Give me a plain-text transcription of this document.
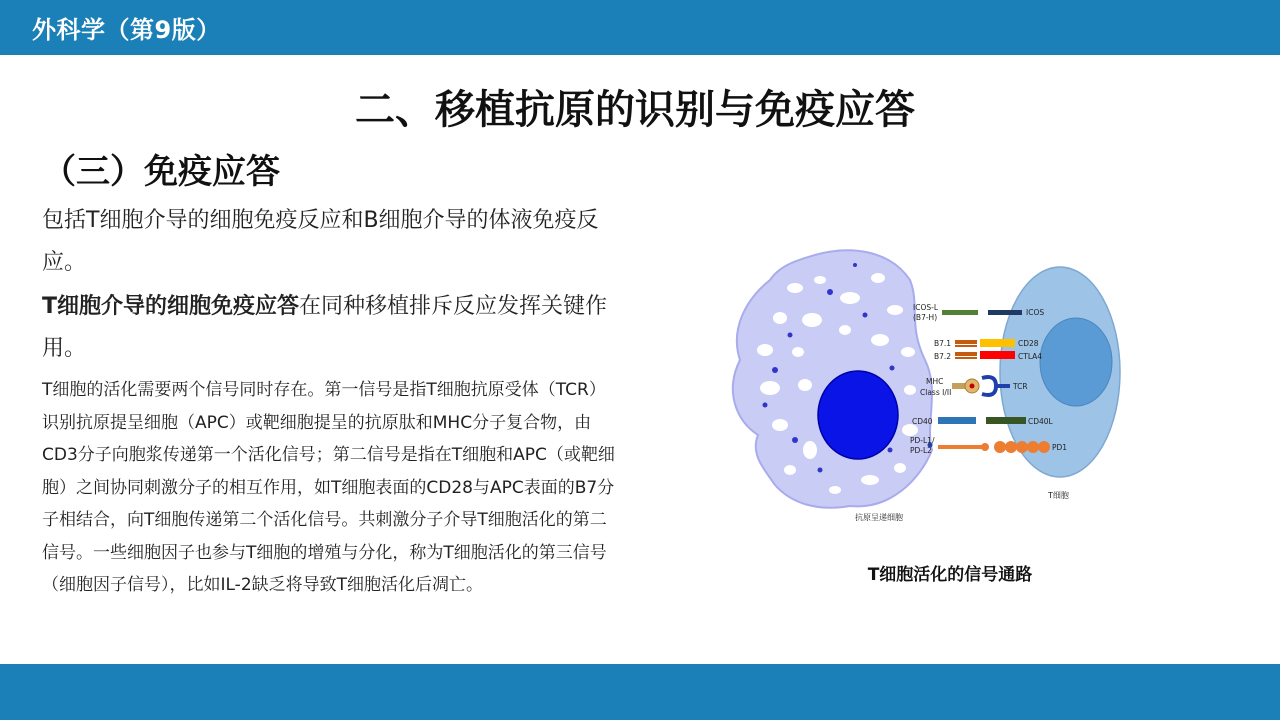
外科学（第9版）
二、移植抗原的识别与免疫应答
（三）免疫应答
包括T细胞介导的细胞免疫反应和B细胞介导的体液免疫反应。
T细胞介导的细胞免疫应答在同种移植排斥反应发挥关键作用。
T细胞的活化需要两个信号同时存在。第一信号是指T细胞抗原受体（TCR）识别抗原提呈细胞（APC）或靶细胞提呈的抗原肽和MHC分子复合物，由CD3分子向胞浆传递第一个活化信号；第二信号是指在T细胞和APC（或靶细胞）之间协同刺激分子的相互作用，如T细胞表面的CD28与APC表面的B7分子相结合，向T细胞传递第二个活化信号。共刺激分子介导T细胞活化的第二信号。一些细胞因子也参与T细胞的增殖与分化，称为T细胞活化的第三信号（细胞因子信号），比如IL-2缺乏将导致T细胞活化后凋亡。
ICOS-L
(B7-H)
B7.1
B7.2
MHC
Class I/II
CD40
PD-L1/
PD-L2
ICOS
CD28
CTLA4
TCR
CD40L
PD1
T细胞
抗原呈递细胞
T细胞活化的信号通路
